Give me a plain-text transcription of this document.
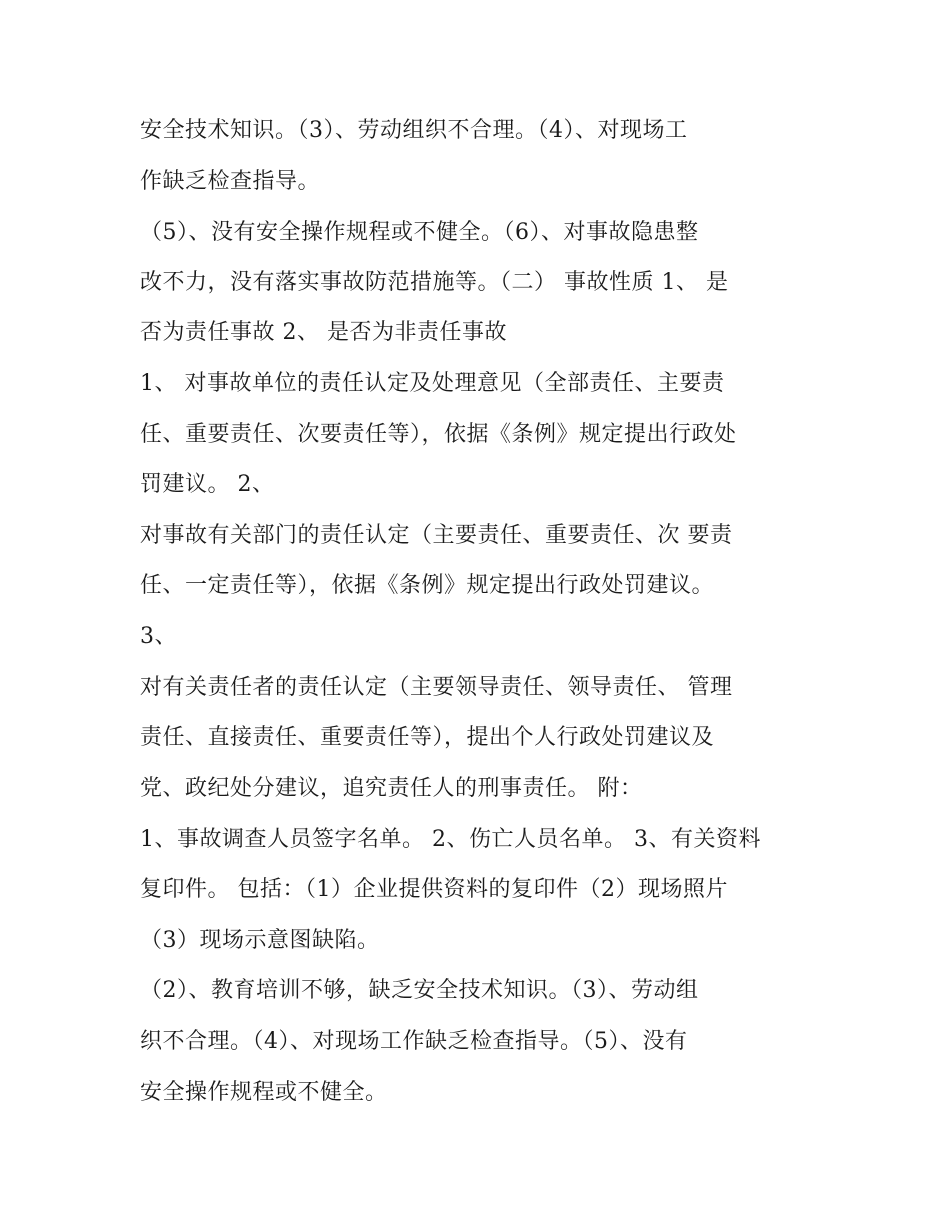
安全技术知识。（3）、劳动组织不合理。（4）、对现场工
作缺乏检查指导。
（5）、没有安全操作规程或不健全。（6）、对事故隐患整
改不力，没有落实事故防范措施等。（二） 事故性质 1、 是
否为责任事故 2、 是否为非责任事故
1、 对事故单位的责任认定及处理意见（全部责任、主要责
任、重要责任、次要责任等），依据《条例》规定提出行政处
罚建议。 2、
对事故有关部门的责任认定（主要责任、重要责任、次 要责
任、一定责任等），依据《条例》规定提出行政处罚建议。
3、
对有关责任者的责任认定（主要领导责任、领导责任、 管理
责任、直接责任、重要责任等），提出个人行政处罚建议及
党、政纪处分建议，追究责任人的刑事责任。 附：
1、事故调查人员签字名单。 2、伤亡人员名单。 3、有关资料
复印件。 包括：（1）企业提供资料的复印件（2）现场照片
（3）现场示意图缺陷。
（2）、教育培训不够，缺乏安全技术知识。（3）、劳动组
织不合理。（4）、对现场工作缺乏检查指导。（5）、没有
安全操作规程或不健全。
